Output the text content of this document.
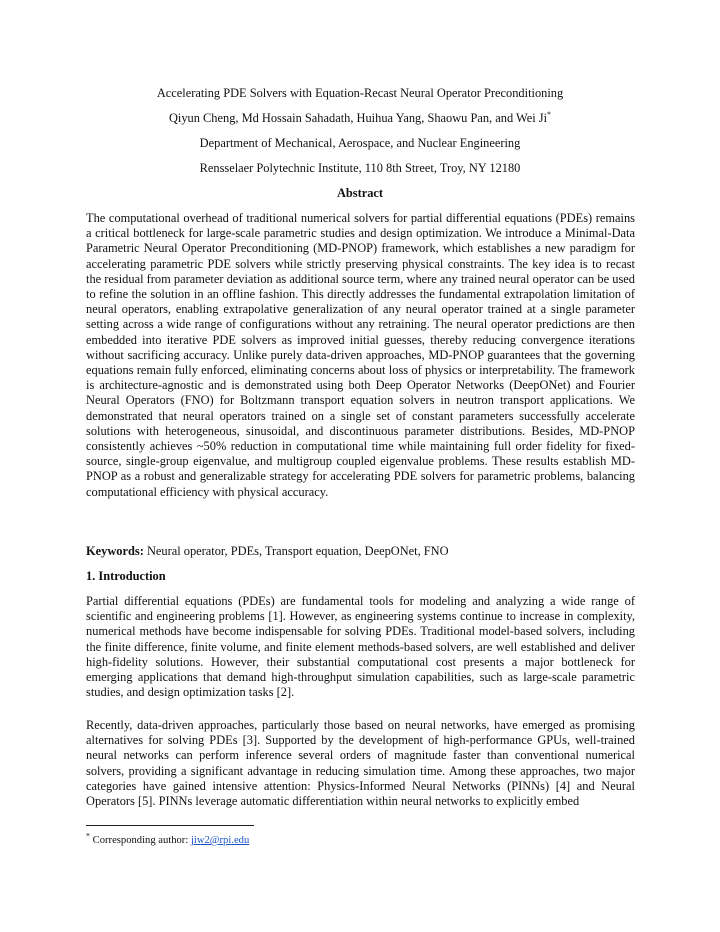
Accelerating PDE Solvers with Equation-Recast Neural Operator Preconditioning
Qiyun Cheng, Md Hossain Sahadath, Huihua Yang, Shaowu Pan, and Wei Ji*
Department of Mechanical, Aerospace, and Nuclear Engineering
Rensselaer Polytechnic Institute, 110 8th Street, Troy, NY 12180
Abstract

The computational overhead of traditional numerical solvers for partial differential equations (PDEs) remains a critical bottleneck for large-scale parametric studies and design optimization. We introduce a Minimal-Data Parametric Neural Operator Preconditioning (MD-PNOP) framework, which establishes a new paradigm for accelerating parametric PDE solvers while strictly preserving physical constraints. The key idea is to recast the residual from parameter deviation as additional source term, where any trained neural operator can be used to refine the solution in an offline fashion. This directly addresses the fundamental extrapolation limitation of neural operators, enabling extrapolative generalization of any neural operator trained at a single parameter setting across a wide range of configurations without any retraining. The neural operator predictions are then embedded into iterative PDE solvers as improved initial guesses, thereby reducing convergence iterations without sacrificing accuracy. Unlike purely data-driven approaches, MD-PNOP guarantees that the governing equations remain fully enforced, eliminating concerns about loss of physics or interpretability. The framework is architecture-agnostic and is demonstrated using both Deep Operator Networks (DeepONet) and Fourier Neural Operators (FNO) for Boltzmann transport equation solvers in neutron transport applications. We demonstrated that neural operators trained on a single set of constant parameters successfully accelerate solutions with heterogeneous, sinusoidal, and discontinuous parameter distributions. Besides, MD-PNOP consistently achieves ~50% reduction in computational time while maintaining full order fidelity for fixed-source, single-group eigenvalue, and multigroup coupled eigenvalue problems. These results establish MD-PNOP as a robust and generalizable strategy for accelerating PDE solvers for parametric problems, balancing computational efficiency with physical accuracy.

Keywords: Neural operator, PDEs, Transport equation, DeepONet, FNO

1. Introduction

Partial differential equations (PDEs) are fundamental tools for modeling and analyzing a wide range of scientific and engineering problems [1]. However, as engineering systems continue to increase in complexity, numerical methods have become indispensable for solving PDEs. Traditional model-based solvers, including the finite difference, finite volume, and finite element methods-based solvers, are well established and deliver high-fidelity solutions. However, their substantial computational cost presents a major bottleneck for emerging applications that demand high-throughput simulation capabilities, such as large-scale parametric studies, and design optimization tasks [2].

Recently, data-driven approaches, particularly those based on neural networks, have emerged as promising alternatives for solving PDEs [3]. Supported by the development of high-performance GPUs, well-trained neural networks can perform inference several orders of magnitude faster than conventional numerical solvers, providing a significant advantage in reducing simulation time. Among these approaches, two major categories have gained intensive attention: Physics-Informed Neural Networks (PINNs) [4] and Neural Operators [5]. PINNs leverage automatic differentiation within neural networks to explicitly embed

* Corresponding author: jiw2@rpi.edu
